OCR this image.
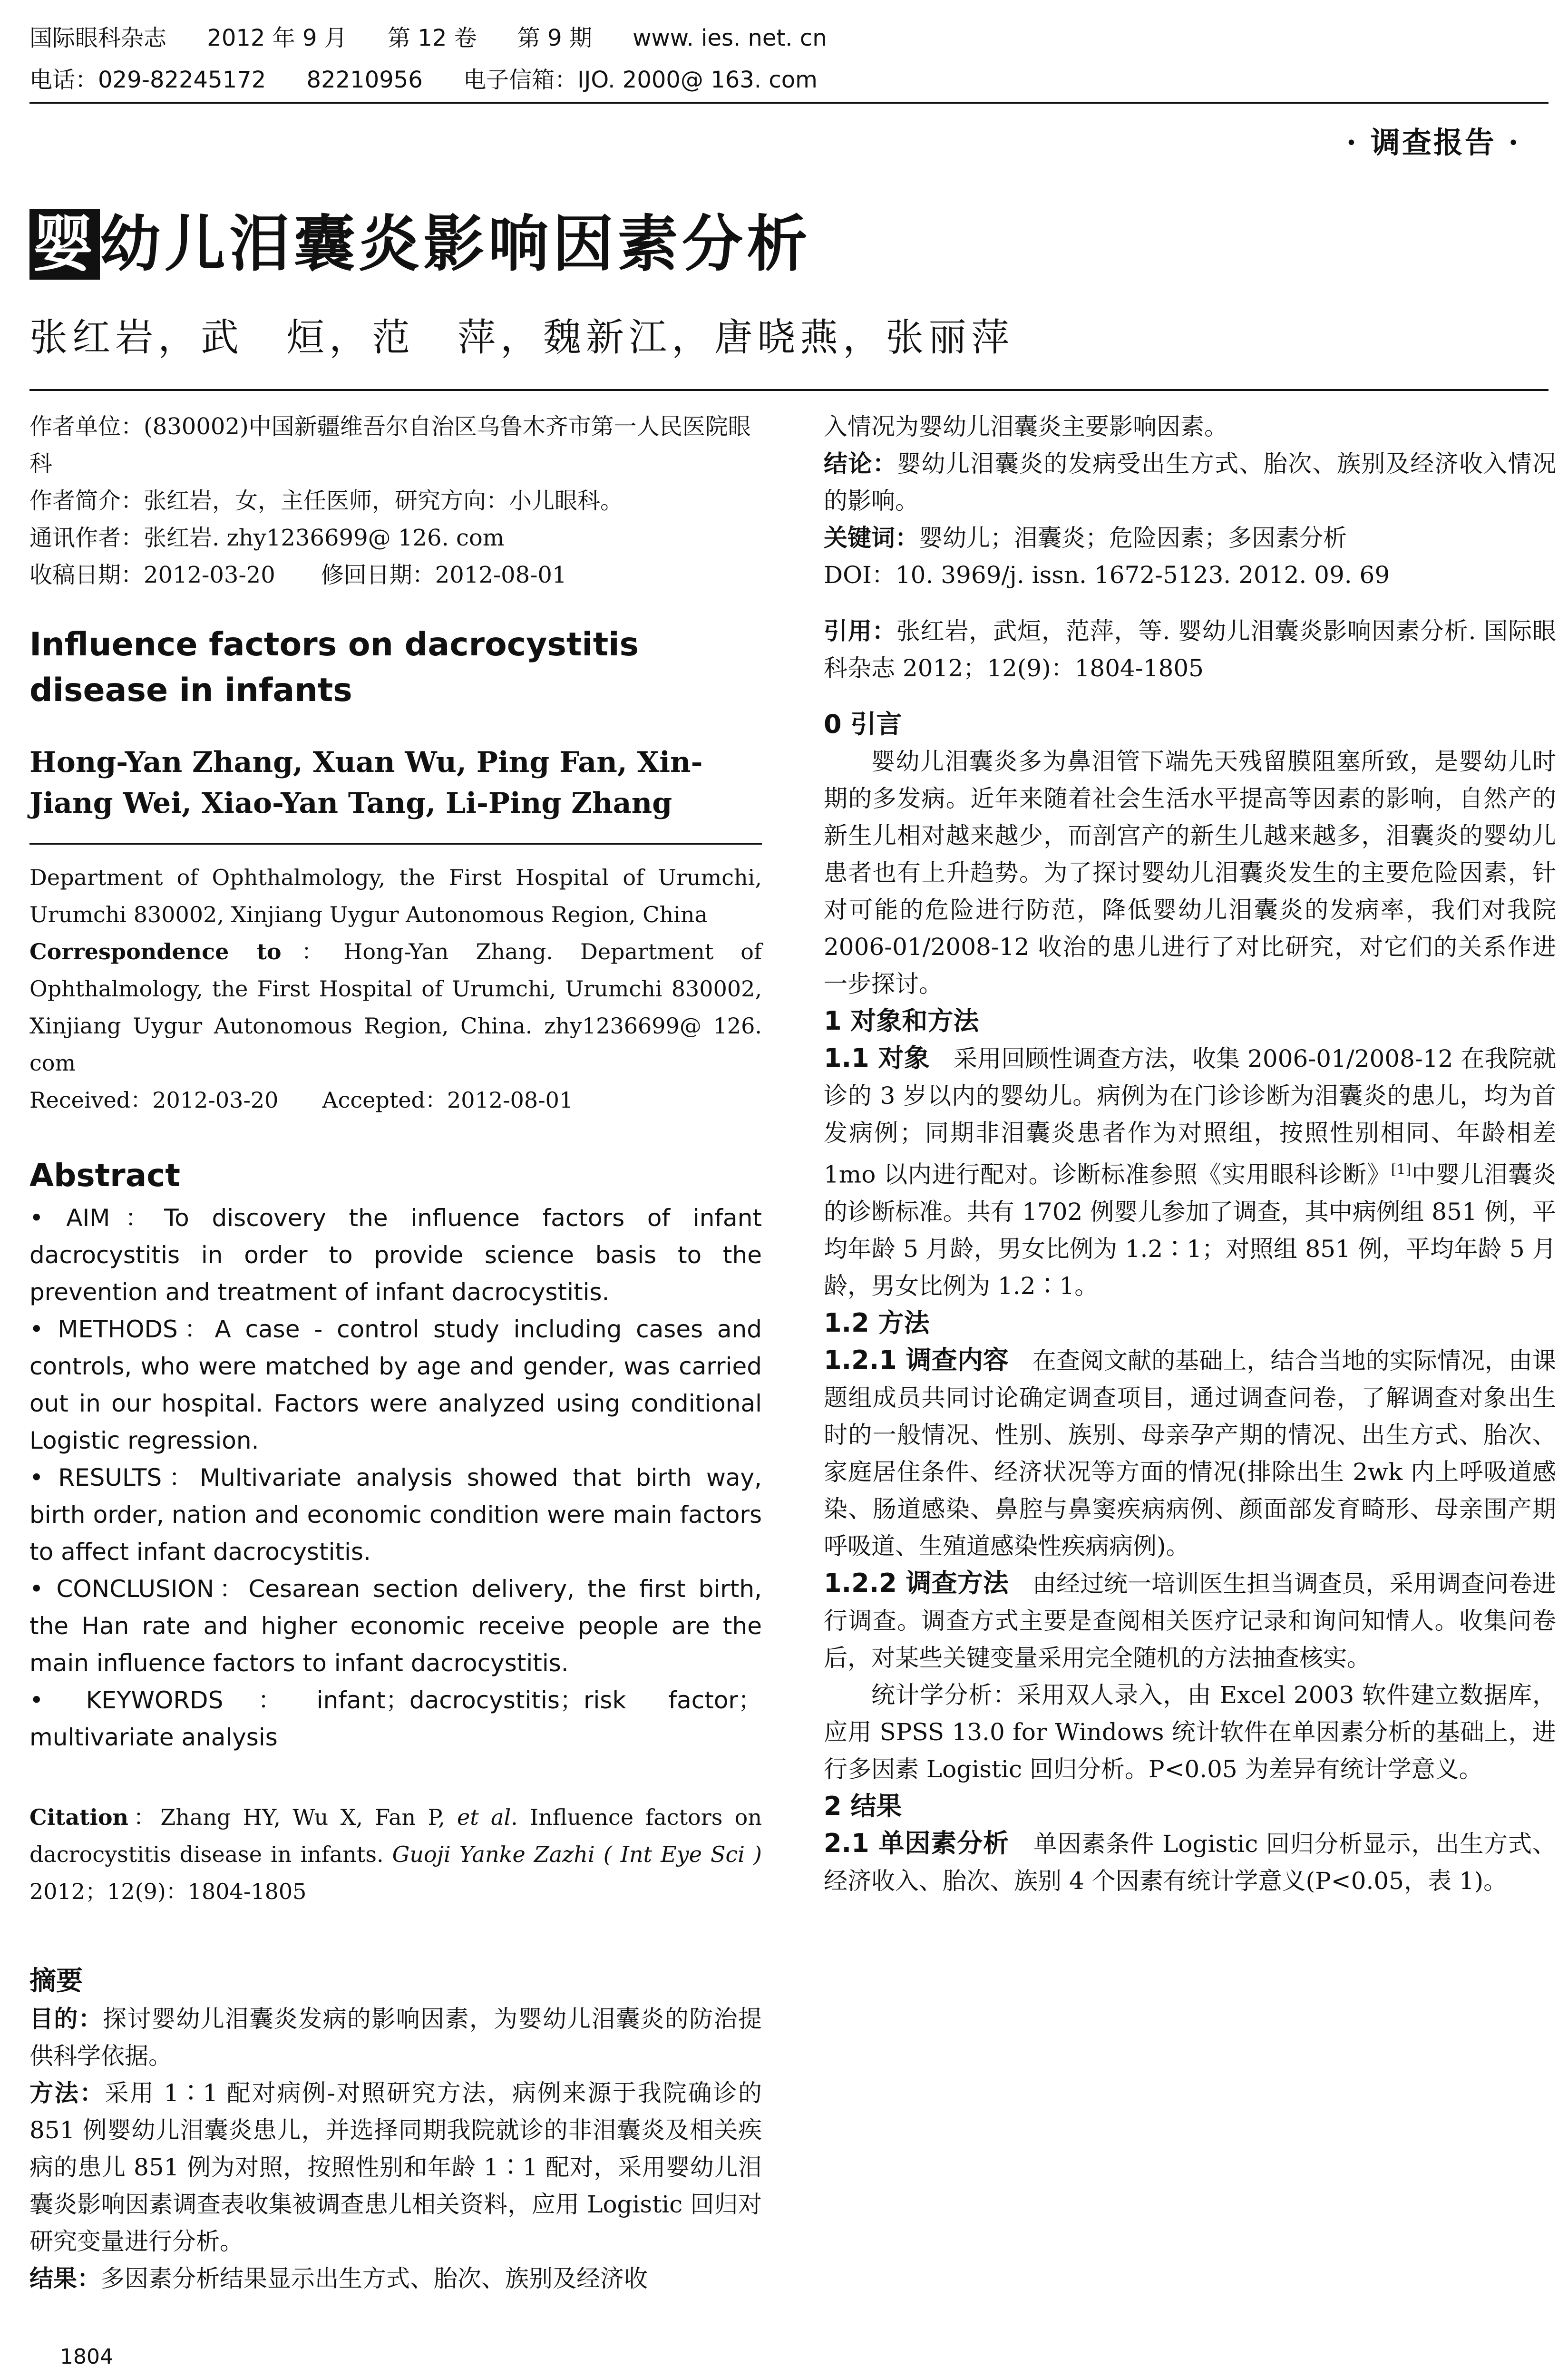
国际眼科杂志 2012 年 9 月 第 12 卷 第 9 期 www. ies. net. cn
电话：029-82245172 82210956 电子信箱：IJO. 2000@ 163. com
· 调查报告 ·
婴幼儿泪囊炎影响因素分析
张红岩，武　烜，范　萍，魏新江，唐晓燕，张丽萍

作者单位：(830002)中国新疆维吾尔自治区乌鲁木齐市第一人民医院眼科

作者简介：张红岩，女，主任医师，研究方向：小儿眼科。

通讯作者：张红岩. zhy1236699@ 126. com

收稿日期：2012-03-20　　修回日期：2012-08-01

Influence factors on dacrocystitis disease in infants

Hong-Yan Zhang, Xuan Wu, Ping Fan, Xin-Jiang Wei, Xiao-Yan Tang, Li-Ping Zhang

Department of Ophthalmology, the First Hospital of Urumchi, Urumchi 830002, Xinjiang Uygur Autonomous Region, China

Correspondence to：Hong-Yan Zhang. Department of Ophthalmology, the First Hospital of Urumchi, Urumchi 830002, Xinjiang Uygur Autonomous Region, China. zhy1236699@ 126. com

Received：2012-03-20　　Accepted：2012-08-01

Abstract

• AIM：To discovery the influence factors of infant dacrocystitis in order to provide science basis to the prevention and treatment of infant dacrocystitis.

• METHODS：A case - control study including cases and controls, who were matched by age and gender, was carried out in our hospital. Factors were analyzed using conditional Logistic regression.

• RESULTS：Multivariate analysis showed that birth way, birth order, nation and economic condition were main factors to affect infant dacrocystitis.

• CONCLUSION：Cesarean section delivery, the first birth, the Han rate and higher economic receive people are the main influence factors to infant dacrocystitis.

• KEYWORDS：infant；dacrocystitis；risk factor；multivariate analysis

Citation：Zhang HY, Wu X, Fan P, et al. Influence factors on dacrocystitis disease in infants. Guoji Yanke Zazhi ( Int Eye Sci ) 2012；12(9)：1804-1805

摘要

目的：探讨婴幼儿泪囊炎发病的影响因素，为婴幼儿泪囊炎的防治提供科学依据。

方法：采用 1∶1 配对病例-对照研究方法，病例来源于我院确诊的 851 例婴幼儿泪囊炎患儿，并选择同期我院就诊的非泪囊炎及相关疾病的患儿 851 例为对照，按照性别和年龄 1∶1 配对，采用婴幼儿泪囊炎影响因素调查表收集被调查患儿相关资料，应用 Logistic 回归对研究变量进行分析。

结果：多因素分析结果显示出生方式、胎次、族别及经济收

入情况为婴幼儿泪囊炎主要影响因素。

结论：婴幼儿泪囊炎的发病受出生方式、胎次、族别及经济收入情况的影响。

关键词：婴幼儿；泪囊炎；危险因素；多因素分析

DOI：10. 3969/j. issn. 1672-5123. 2012. 09. 69

引用：张红岩，武烜，范萍，等. 婴幼儿泪囊炎影响因素分析. 国际眼科杂志 2012；12(9)：1804-1805

0 引言

婴幼儿泪囊炎多为鼻泪管下端先天残留膜阻塞所致，是婴幼儿时期的多发病。近年来随着社会生活水平提高等因素的影响，自然产的新生儿相对越来越少，而剖宫产的新生儿越来越多，泪囊炎的婴幼儿患者也有上升趋势。为了探讨婴幼儿泪囊炎发生的主要危险因素，针对可能的危险进行防范，降低婴幼儿泪囊炎的发病率，我们对我院 2006-01/2008-12 收治的患儿进行了对比研究，对它们的关系作进一步探讨。

1 对象和方法

1.1 对象　采用回顾性调查方法，收集 2006-01/2008-12 在我院就诊的 3 岁以内的婴幼儿。病例为在门诊诊断为泪囊炎的患儿，均为首发病例；同期非泪囊炎患者作为对照组，按照性别相同、年龄相差 1mo 以内进行配对。诊断标准参照《实用眼科诊断》[1]中婴儿泪囊炎的诊断标准。共有 1702 例婴儿参加了调查，其中病例组 851 例，平均年龄 5 月龄，男女比例为 1.2∶1；对照组 851 例，平均年龄 5 月龄，男女比例为 1.2∶1。

1.2 方法

1.2.1 调查内容　在查阅文献的基础上，结合当地的实际情况，由课题组成员共同讨论确定调查项目，通过调查问卷，了解调查对象出生时的一般情况、性别、族别、母亲孕产期的情况、出生方式、胎次、家庭居住条件、经济状况等方面的情况(排除出生 2wk 内上呼吸道感染、肠道感染、鼻腔与鼻窦疾病病例、颜面部发育畸形、母亲围产期呼吸道、生殖道感染性疾病病例)。

1.2.2 调查方法　由经过统一培训医生担当调查员，采用调查问卷进行调查。调查方式主要是查阅相关医疗记录和询问知情人。收集问卷后，对某些关键变量采用完全随机的方法抽查核实。

统计学分析：采用双人录入，由 Excel 2003 软件建立数据库，应用 SPSS 13.0 for Windows 统计软件在单因素分析的基础上，进行多因素 Logistic 回归分析。P<0.05 为差异有统计学意义。

2 结果

2.1 单因素分析　单因素条件 Logistic 回归分析显示，出生方式、经济收入、胎次、族别 4 个因素有统计学意义(P<0.05，表 1)。

1804
